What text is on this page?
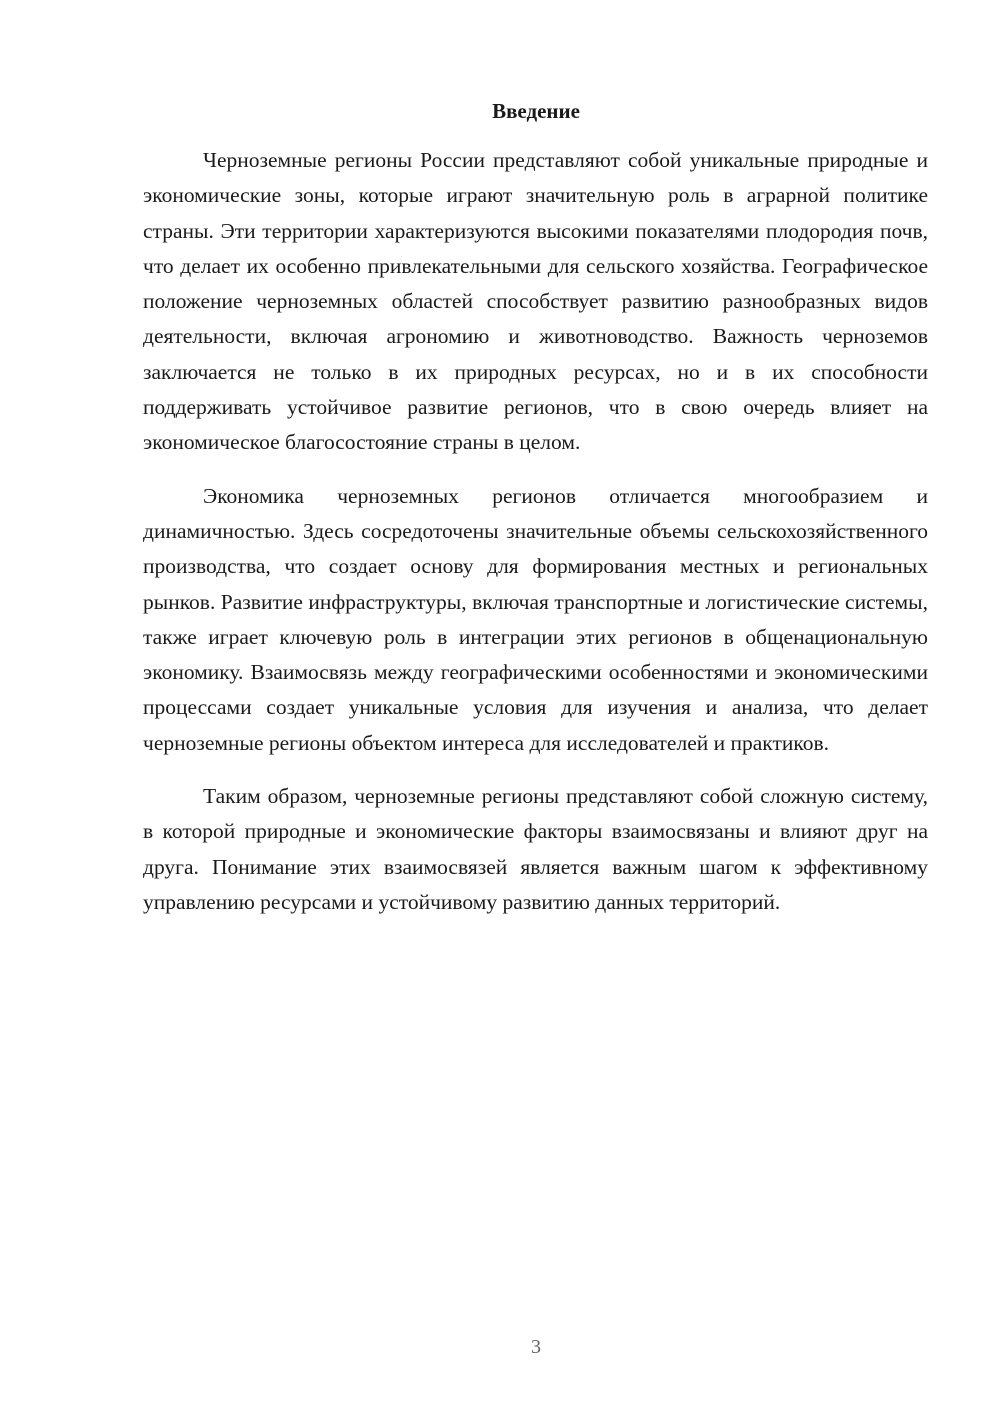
Введение

Черноземные регионы России представляют собой уникальные природные и экономические зоны, которые играют значительную роль в аграрной политике страны. Эти территории характеризуются высокими показателями плодородия почв, что делает их особенно привлекательными для сельского хозяйства. Географическое положение черноземных областей способствует развитию разнообразных видов деятельности, включая агрономию и животноводство. Важность черноземов заключается не только в их природных ресурсах, но и в их способности поддерживать устойчивое развитие регионов, что в свою очередь влияет на экономическое благосостояние страны в целом.

Экономика черноземных регионов отличается многообразием и динамичностью. Здесь сосредоточены значительные объемы сельскохозяйственного производства, что создает основу для формирования местных и региональных рынков. Развитие инфраструктуры, включая транспортные и логистические системы, также играет ключевую роль в интеграции этих регионов в общенациональную экономику. Взаимосвязь между географическими особенностями и экономическими процессами создает уникальные условия для изучения и анализа, что делает черноземные регионы объектом интереса для исследователей и практиков.

Таким образом, черноземные регионы представляют собой сложную систему, в которой природные и экономические факторы взаимосвязаны и влияют друг на друга. Понимание этих взаимосвязей является важным шагом к эффективному управлению ресурсами и устойчивому развитию данных территорий.

3
